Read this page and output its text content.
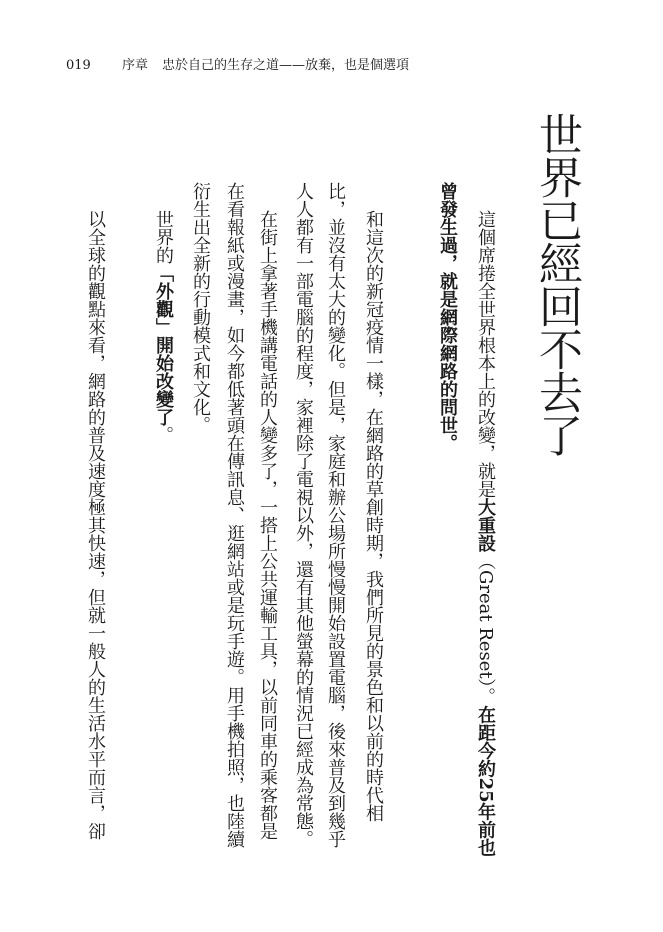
019 序章 忠於自己的生存之道——放棄，也是個選項
世界已經回不去了
這個席捲全世界根本上的改變，就是大重設（Great Reset）。在距今約25年前也
曾發生過，就是網際網路的問世。
和這次的新冠疫情一樣，在網路的草創時期，我們所見的景色和以前的時代相
比，並沒有太大的變化。但是，家庭和辦公場所慢慢開始設置電腦，後來普及到幾乎
人人都有一部電腦的程度，家裡除了電視以外，還有其他螢幕的情況已經成為常態。
在街上拿著手機講電話的人變多了，一搭上公共運輸工具，以前同車的乘客都是
在看報紙或漫畫，如今都低著頭在傳訊息、逛網站或是玩手遊。用手機拍照，也陸續
衍生出全新的行動模式和文化。
世界的「外觀」開始改變了。
以全球的觀點來看，網路的普及速度極其快速，但就一般人的生活水平而言，卻
